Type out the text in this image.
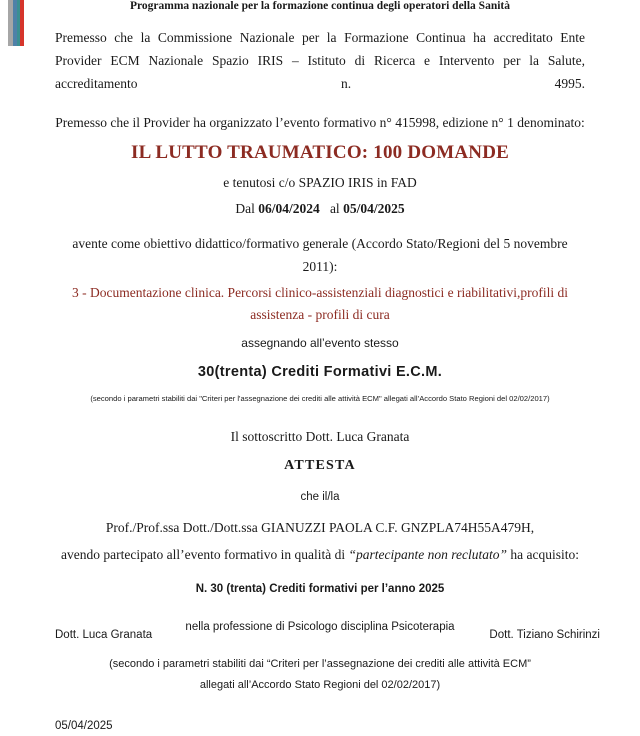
Programma nazionale per la formazione continua degli operatori della Sanità

Premesso che la Commissione Nazionale per la Formazione Continua ha accreditato Ente Provider ECM Nazionale Spazio IRIS – Istituto di Ricerca e Intervento per la Salute, accreditamento n. 4995.

Premesso che il Provider ha organizzato l’evento formativo n° 415998, edizione n° 1 denominato:

IL LUTTO TRAUMATICO: 100 DOMANDE

e tenutosi c/o SPAZIO IRIS in FAD

Dal 06/04/2024 al 05/04/2025

avente come obiettivo didattico/formativo generale (Accordo Stato/Regioni del 5 novembre 2011):

3 - Documentazione clinica. Percorsi clinico-assistenziali diagnostici e riabilitativi,profili di assistenza - profili di cura

assegnando all’evento stesso

30(trenta) Crediti Formativi E.C.M.

(secondo i parametri stabiliti dai "Criteri per l'assegnazione dei crediti alle attività ECM" allegati all’Accordo Stato Regioni del 02/02/2017)

Il sottoscritto Dott. Luca Granata

ATTESTA

che il/la

Prof./Prof.ssa Dott./Dott.ssa GIANUZZI PAOLA C.F. GNZPLA74H55A479H,

avendo partecipato all’evento formativo in qualità di “partecipante non reclutato” ha acquisito:

N. 30 (trenta) Crediti formativi per l’anno 2025

nella professione di Psicologo disciplina Psicoterapia

(secondo i parametri stabiliti dai “Criteri per l’assegnazione dei crediti alle attività ECM”

allegati all’Accordo Stato Regioni del 02/02/2017)

05/04/2025

Dott. Luca Granata	Dott. Tiziano Schirinzi
